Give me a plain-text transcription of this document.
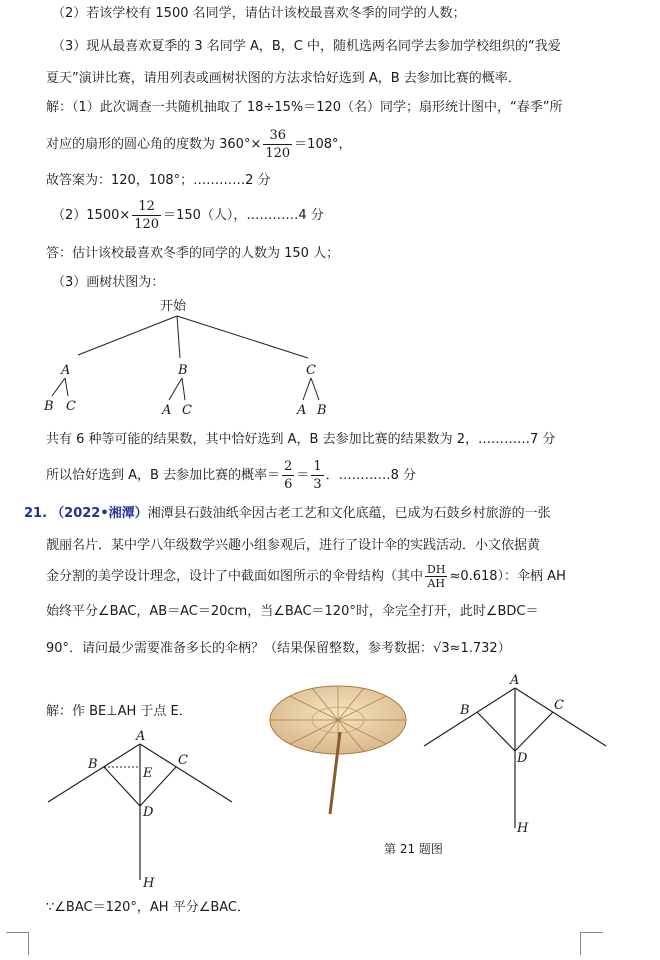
（2）若该学校有 1500 名同学，请估计该校最喜欢冬季的同学的人数；
（3）现从最喜欢夏季的 3 名同学 A，B，C 中，随机选两名同学去参加学校组织的“我爱
夏天”演讲比赛，请用列表或画树状图的方法求恰好选到 A，B 去参加比赛的概率．
解：（1）此次调查一共随机抽取了 18÷15%＝120（名）同学；扇形统计图中，“春季”所
对应的扇形的圆心角的度数为 $360^\circ\times \frac{36}{120} =108^\circ$，
故答案为：120，108°；…………2 分
$(2)1500\times \frac{12}{120} =150$（人），…………4 分
答：估计该校最喜欢冬季的同学的人数为 150 人；
（3）画树状图为：
开始
A	B	C
B C	A C	A B
共有 6 种等可能的结果数，其中恰好选到 A，B 去参加比赛的结果数为 2，…………7 分
所以恰好选到 A，B 去参加比赛的概率＝ $\frac{2}{6} = \frac{1}{3}$ ．…………8 分
21. （2022•湘潭）湘潭县石鼓油纸伞因古老工艺和文化底蕴，已成为石鼓乡村旅游的一张
靓丽名片．某中学八年级数学兴趣小组参观后，进行了设计伞的实践活动．小文依据黄
金分割的美学设计理念，设计了中截面如图所示的伞骨结构（其中 $\frac{DH}{AH} \approx 0.618$）：伞柄 AH
始终平分∠BAC，AB＝AC＝20cm，当∠BAC＝120°时，伞完全打开，此时∠BDC＝
90°．请问最少需要准备多长的伞柄？（结果保留整数，参考数据：√3≈1.732）
解：作 BE⊥AH 于点 E．
A
B	C
E
D
H
A
B	C
D
H
第 21 题图
∵∠BAC＝120°，AH 平分∠BAC．
